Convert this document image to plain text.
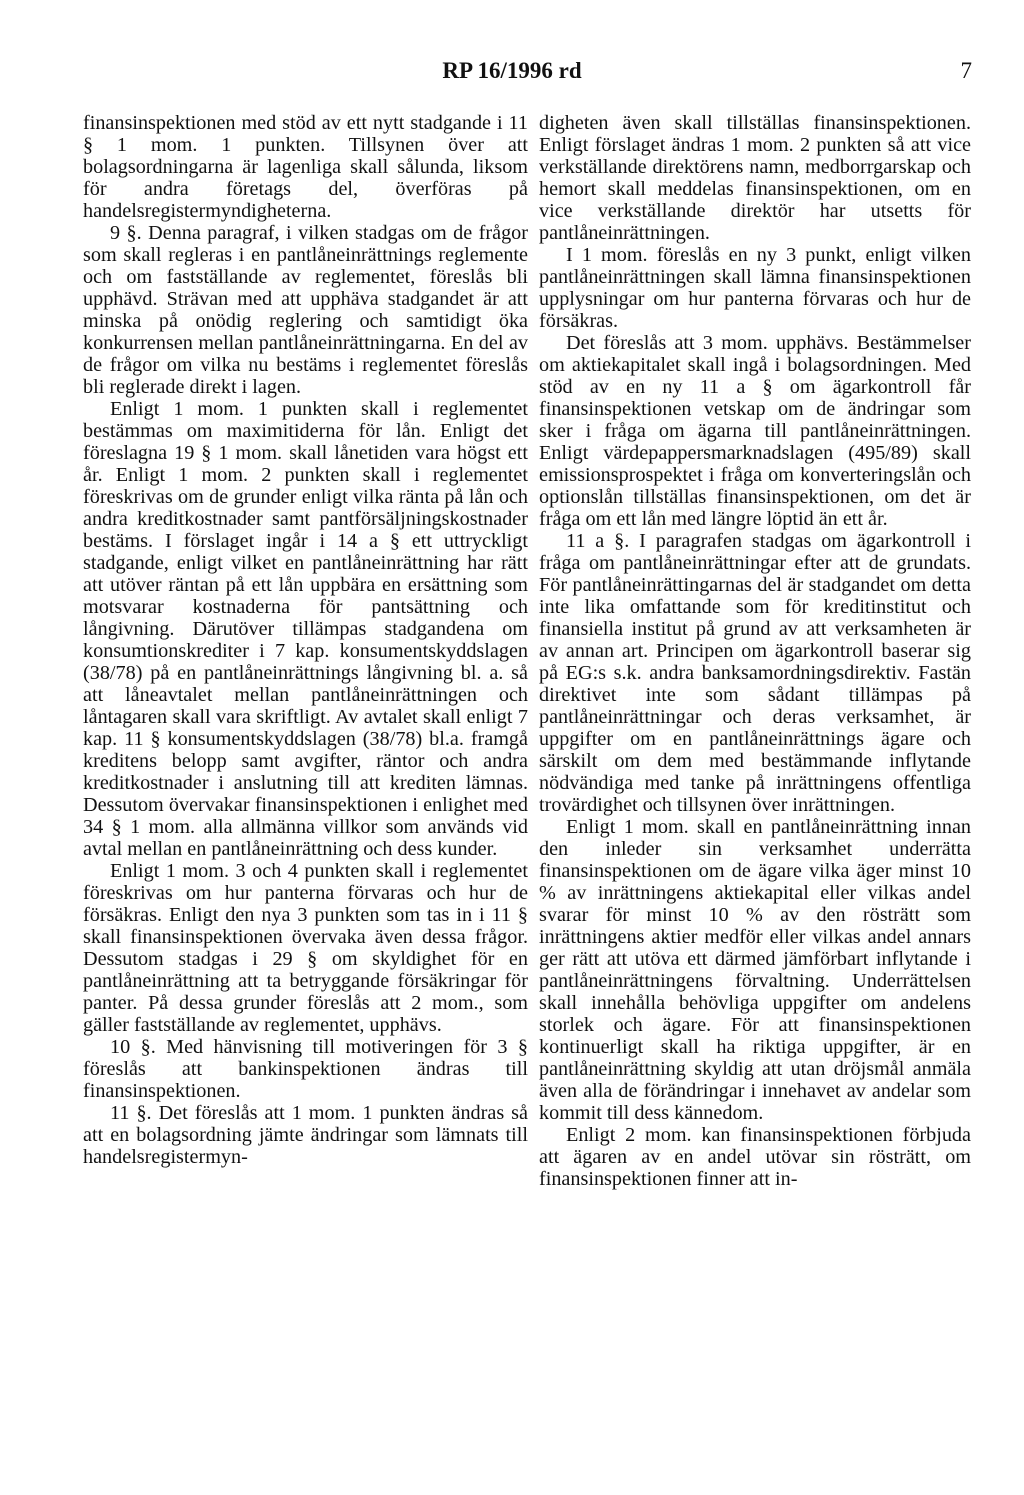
RP 16/1996 rd	7

finansinspektionen med stöd av ett nytt stadgande i 11 § 1 mom. 1 punkten. Tillsynen över att bolagsordningarna är lagenliga skall sålunda, liksom för andra företags del, överföras på handelsregistermyndigheterna.

9 §. Denna paragraf, i vilken stadgas om de frågor som skall regleras i en pantlåneinrättnings reglemente och om fastställande av reglementet, föreslås bli upphävd. Strävan med att upphäva stadgandet är att minska på onödig reglering och samtidigt öka konkurrensen mellan pantlåneinrättningarna. En del av de frågor om vilka nu bestäms i reglementet föreslås bli reglerade direkt i lagen.

Enligt 1 mom. 1 punkten skall i reglementet bestämmas om maximitiderna för lån. Enligt det föreslagna 19 § 1 mom. skall lånetiden vara högst ett år. Enligt 1 mom. 2 punkten skall i reglementet föreskrivas om de grunder enligt vilka ränta på lån och andra kreditkostnader samt pantförsäljningskostnader bestäms. I förslaget ingår i 14 a § ett uttryckligt stadgande, enligt vilket en pantlåneinrättning har rätt att utöver räntan på ett lån uppbära en ersättning som motsvarar kostnaderna för pantsättning och långivning. Därutöver tillämpas stadgandena om konsumtionskrediter i 7 kap. konsumentskyddslagen (38/78) på en pantlåneinrättnings långivning bl. a. så att låneavtalet mellan pantlåneinrättningen och låntagaren skall vara skriftligt. Av avtalet skall enligt 7 kap. 11 § konsumentskyddslagen (38/78) bl.a. framgå kreditens belopp samt avgifter, räntor och andra kreditkostnader i anslutning till att krediten lämnas. Dessutom övervakar finansinspektionen i enlighet med 34 § 1 mom. alla allmänna villkor som används vid avtal mellan en pantlåneinrättning och dess kunder.

Enligt 1 mom. 3 och 4 punkten skall i reglementet föreskrivas om hur panterna förvaras och hur de försäkras. Enligt den nya 3 punkten som tas in i 11 § skall finansinspektionen övervaka även dessa frågor. Dessutom stadgas i 29 § om skyldighet för en pantlåneinrättning att ta betryggande försäkringar för panter. På dessa grunder föreslås att 2 mom., som gäller fastställande av reglementet, upphävs.

10 §. Med hänvisning till motiveringen för 3 § föreslås att bankinspektionen ändras till finansinspektionen.

11 §. Det föreslås att 1 mom. 1 punkten ändras så att en bolagsordning jämte ändringar som lämnats till handelsregistermyn-

digheten även skall tillställas finansinspektionen. Enligt förslaget ändras 1 mom. 2 punkten så att vice verkställande direktörens namn, medborrgarskap och hemort skall meddelas finansinspektionen, om en vice verkställande direktör har utsetts för pantlåneinrättningen.

I 1 mom. föreslås en ny 3 punkt, enligt vilken pantlåneinrättningen skall lämna finansinspektionen upplysningar om hur panterna förvaras och hur de försäkras.

Det föreslås att 3 mom. upphävs. Bestämmelser om aktiekapitalet skall ingå i bolagsordningen. Med stöd av en ny 11 a § om ägarkontroll får finansinspektionen vetskap om de ändringar som sker i fråga om ägarna till pantlåneinrättningen. Enligt värdepappersmarknadslagen (495/89) skall emissionsprospektet i fråga om konverteringslån och optionslån tillställas finansinspektionen, om det är fråga om ett lån med längre löptid än ett år.

11 a §. I paragrafen stadgas om ägarkontroll i fråga om pantlåneinrättningar efter att de grundats. För pantlåneinrättingarnas del är stadgandet om detta inte lika omfattande som för kreditinstitut och finansiella institut på grund av att verksamheten är av annan art. Principen om ägarkontroll baserar sig på EG:s s.k. andra banksamordningsdirektiv. Fastän direktivet inte som sådant tillämpas på pantlåneinrättningar och deras verksamhet, är uppgifter om en pantlåneinrättnings ägare och särskilt om dem med bestämmande inflytande nödvändiga med tanke på inrättningens offentliga trovärdighet och tillsynen över inrättningen.

Enligt 1 mom. skall en pantlåneinrättning innan den inleder sin verksamhet underrätta finansinspektionen om de ägare vilka äger minst 10 % av inrättningens aktiekapital eller vilkas andel svarar för minst 10 % av den rösträtt som inrättningens aktier medför eller vilkas andel annars ger rätt att utöva ett därmed jämförbart inflytande i pantlåneinrättningens förvaltning. Underrättelsen skall innehålla behövliga uppgifter om andelens storlek och ägare. För att finansinspektionen kontinuerligt skall ha riktiga uppgifter, är en pantlåneinrättning skyldig att utan dröjsmål anmäla även alla de förändringar i innehavet av andelar som kommit till dess kännedom.

Enligt 2 mom. kan finansinspektionen förbjuda att ägaren av en andel utövar sin rösträtt, om finansinspektionen finner att in-
